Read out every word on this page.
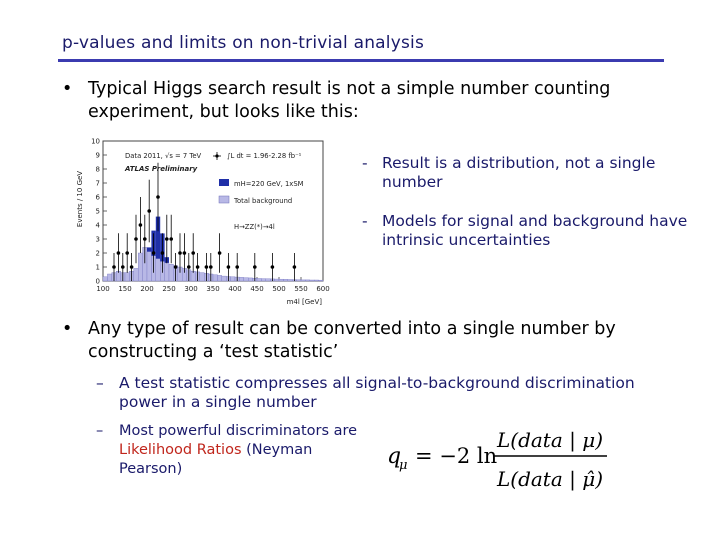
p-values and limits on non-trivial analysis
• Typical Higgs search result is not a simple number counting experiment, but looks like this:
Events / 10 GeV
0
1
2
3
4
5
6
7
8
9
10
100 150 200 250 300 350 400 450 500 550 600
Data 2011, √s = 7 TeV	∫L dt = 1.96-2.28 fb⁻¹
ATLAS Preliminary
mH=220 GeV, 1xSM
Total background
H→ZZ(*)→4l
m4l [GeV]
- Result is a distribution, not a single number
- Models for signal and background have intrinsic uncertainties
• Any type of result can be converted into a single number by constructing a ‘test statistic’
– A test statistic compresses all signal-to-background discrimination power in a single number
– Most powerful discriminators are Likelihood Ratios (Neyman Pearson)	q
μ = −2 ln
L(data | μ)
L(data | μ̂)
